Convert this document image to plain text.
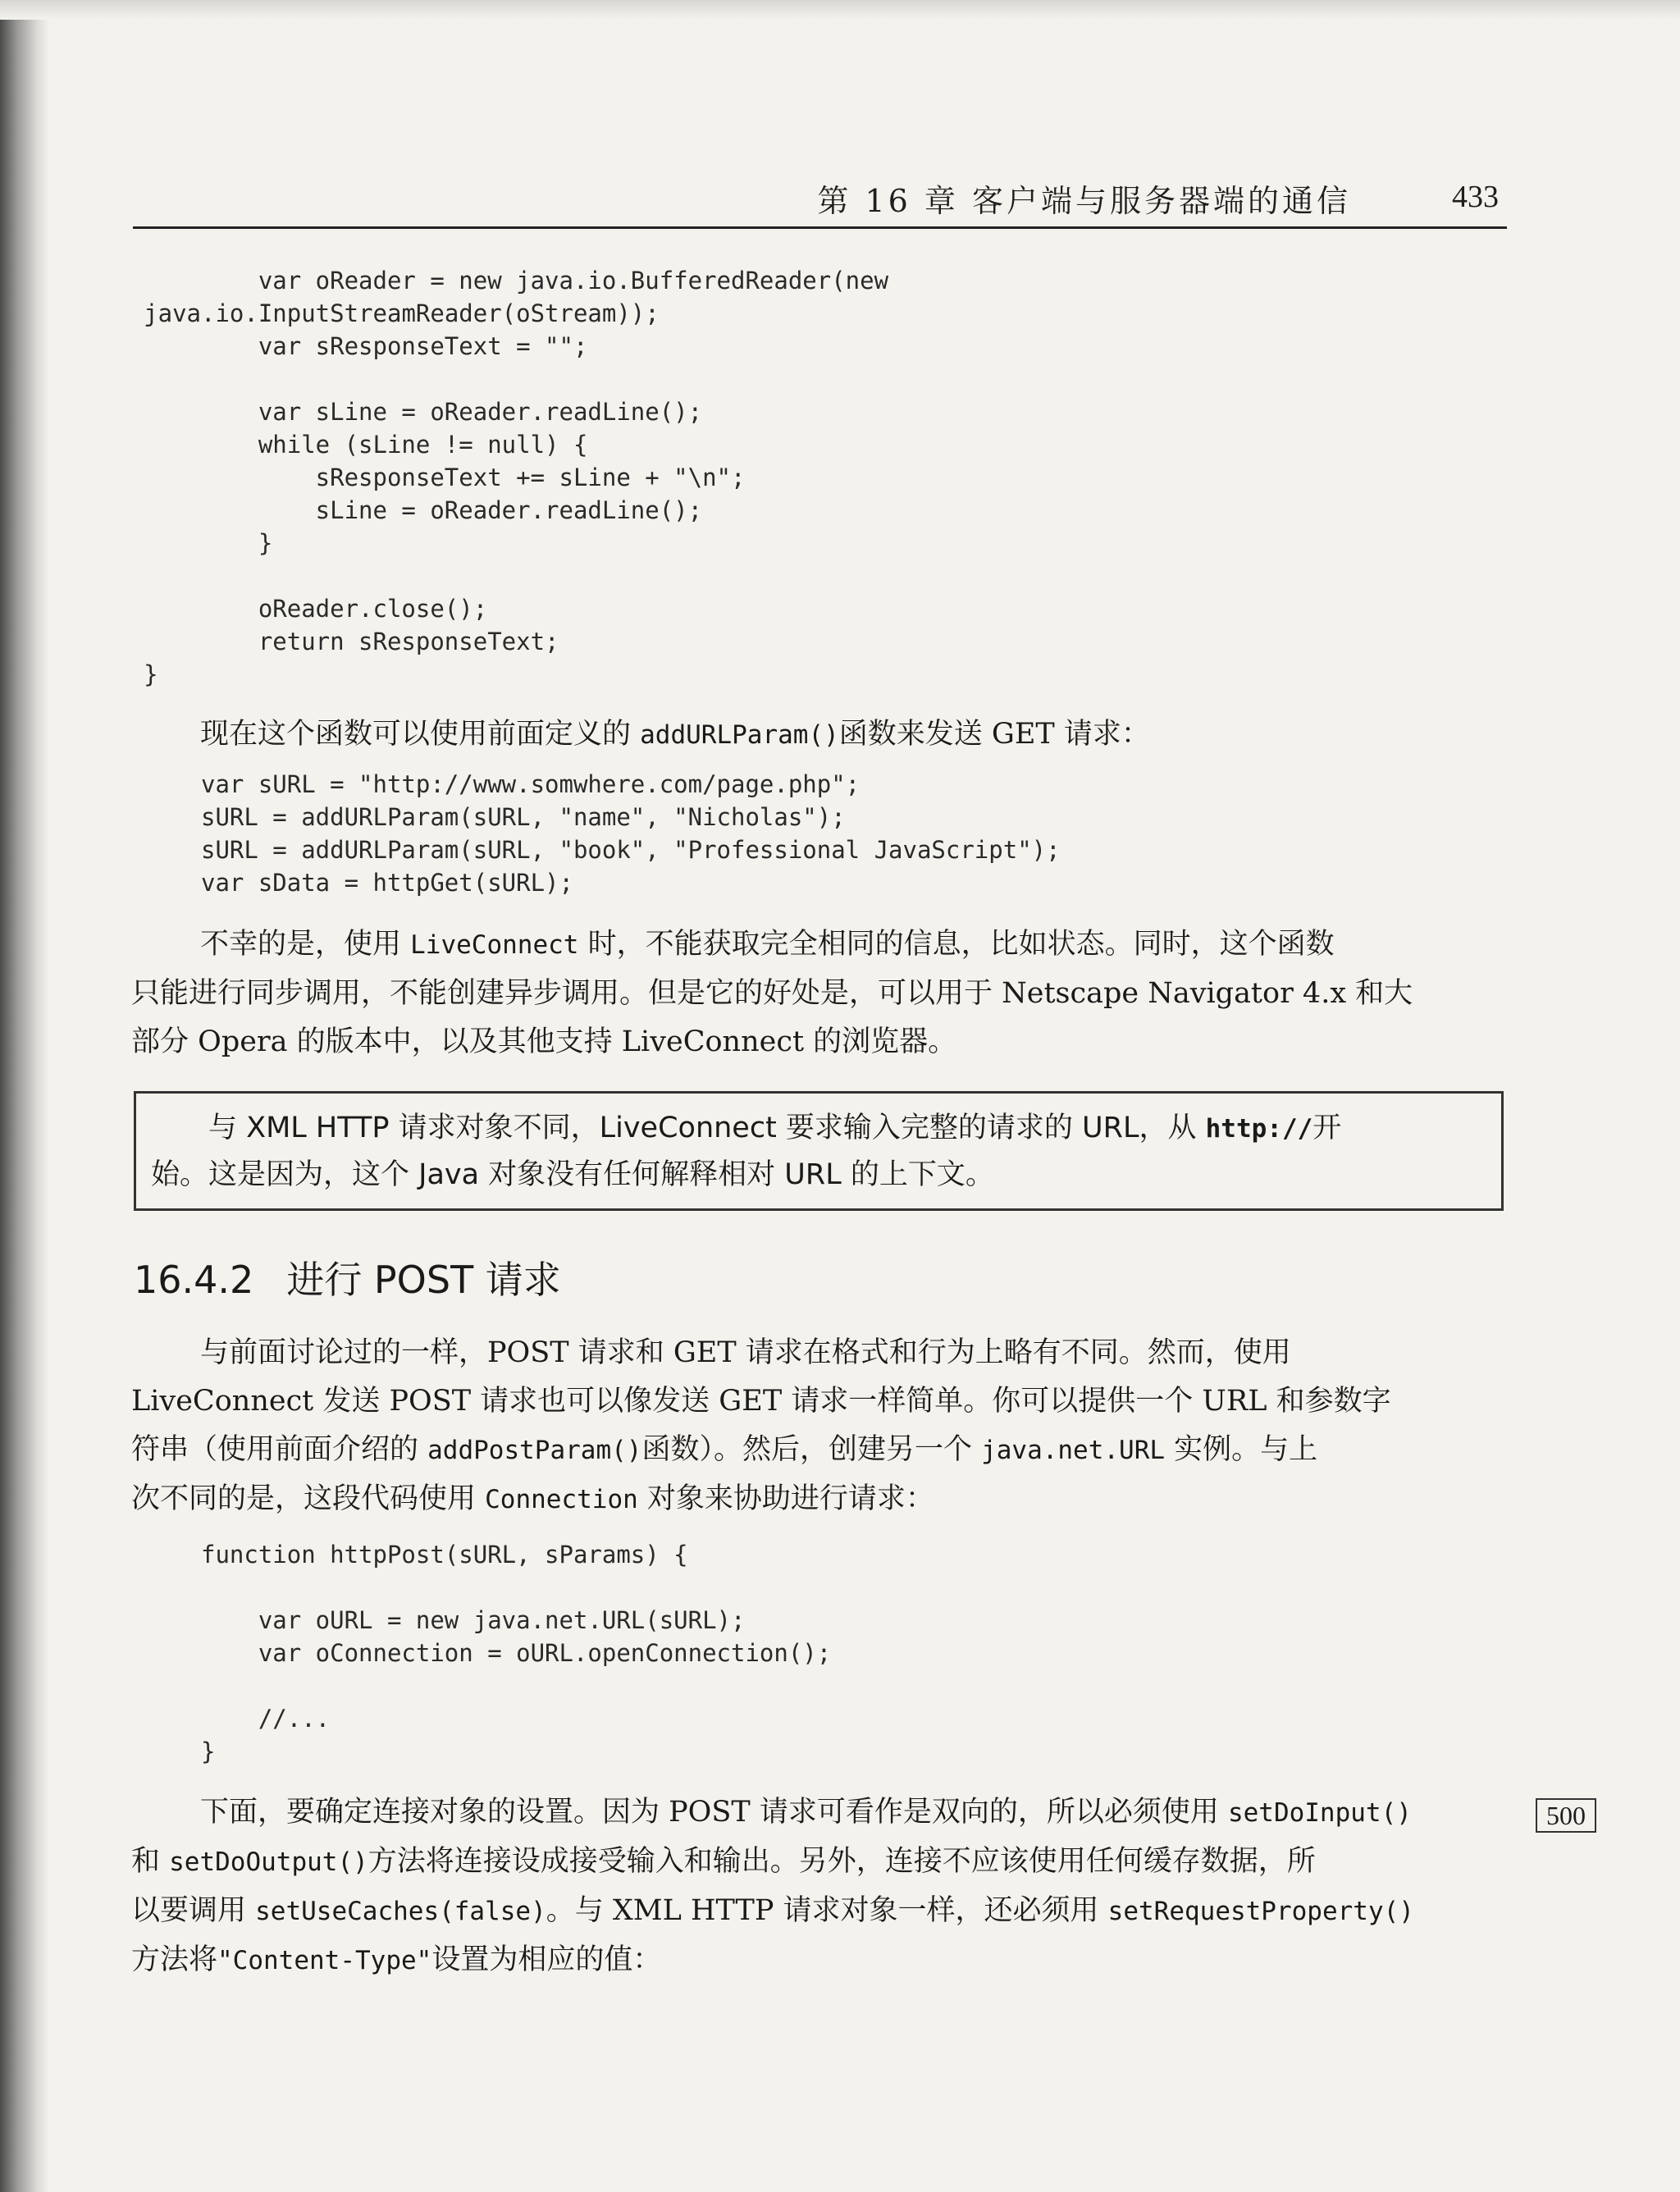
第 16 章 客户端与服务器端的通信	433
var oReader = new java.io.BufferedReader(new
java.io.InputStreamReader(oStream));
var sResponseText = "";
var sLine = oReader.readLine();
while (sLine != null) {
sResponseText += sLine + "\n";
sLine = oReader.readLine();
}
oReader.close();
return sResponseText;
}

现在这个函数可以使用前面定义的 addURLParam()函数来发送 GET 请求：

var sURL = "http://www.somwhere.com/page.php";
sURL = addURLParam(sURL, "name", "Nicholas");
sURL = addURLParam(sURL, "book", "Professional JavaScript");
var sData = httpGet(sURL);

不幸的是，使用 LiveConnect 时，不能获取完全相同的信息，比如状态。同时，这个函数
只能进行同步调用，不能创建异步调用。但是它的好处是，可以用于 Netscape Navigator 4.x 和大
部分 Opera 的版本中，以及其他支持 LiveConnect 的浏览器。

与 XML HTTP 请求对象不同，LiveConnect 要求输入完整的请求的 URL，从 http://开
始。这是因为，这个 Java 对象没有任何解释相对 URL 的上下文。
16.4.2 进行 POST 请求

与前面讨论过的一样，POST 请求和 GET 请求在格式和行为上略有不同。然而，使用
LiveConnect 发送 POST 请求也可以像发送 GET 请求一样简单。你可以提供一个 URL 和参数字
符串（使用前面介绍的 addPostParam()函数）。然后，创建另一个 java.net.URL 实例。与上
次不同的是，这段代码使用 Connection 对象来协助进行请求：

function httpPost(sURL, sParams) {
var oURL = new java.net.URL(sURL);
var oConnection = oURL.openConnection();
//...
}

下面，要确定连接对象的设置。因为 POST 请求可看作是双向的，所以必须使用 setDoInput()
和 setDoOutput()方法将连接设成接受输入和输出。另外，连接不应该使用任何缓存数据，所
以要调用 setUseCaches(false)。与 XML HTTP 请求对象一样，还必须用 setRequestProperty()
方法将"Content-Type"设置为相应的值：

500
